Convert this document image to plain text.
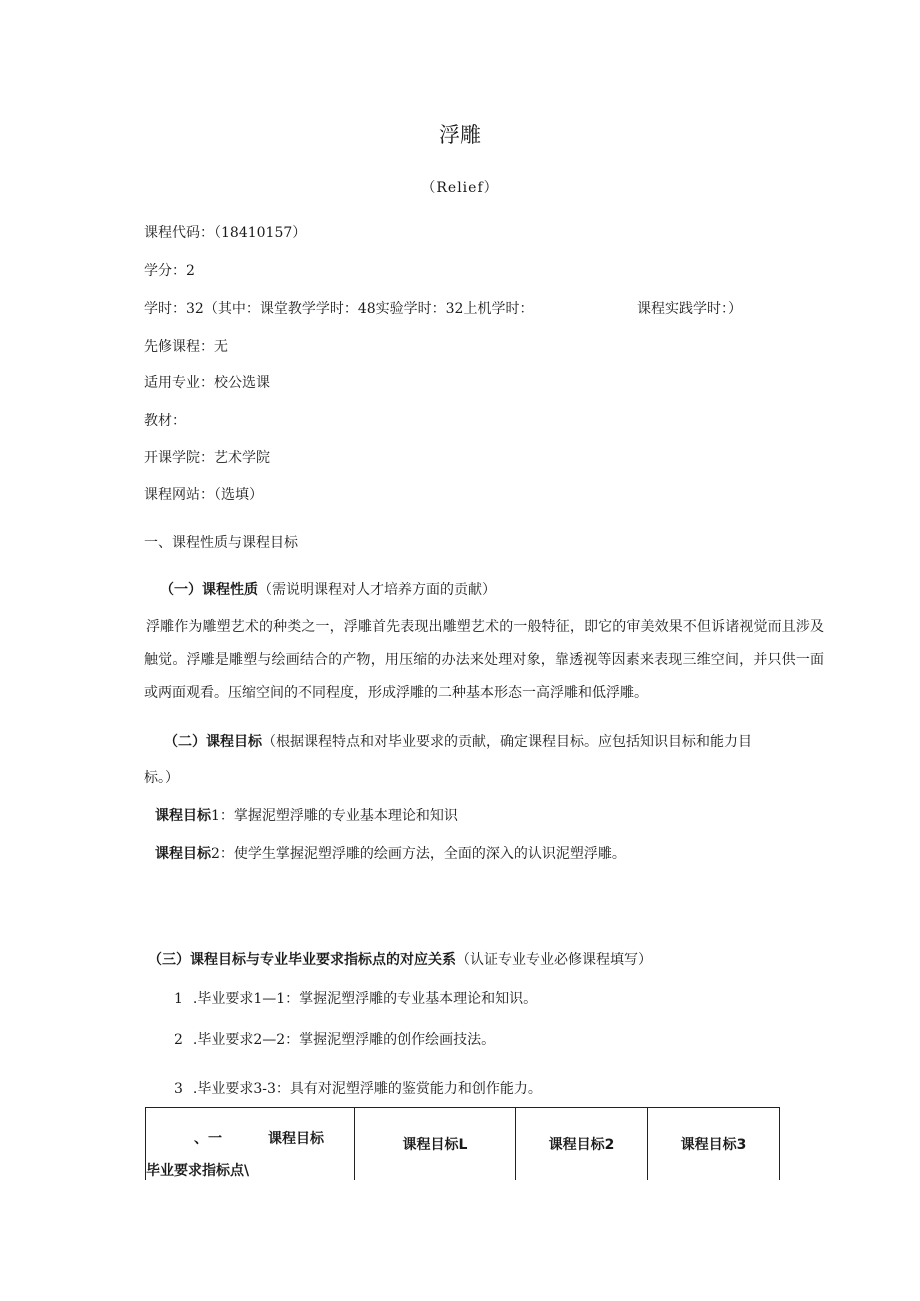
浮雕
（Relief）
课程代码：（18410157）
学分：2
学时：32（其中：课堂教学学时：48实验学时：32上机学时：	课程实践学时：）
先修课程：无
适用专业：校公选课
教材：
开课学院：艺术学院
课程网站：（选填）
一、课程性质与课程目标
（一）课程性质（需说明课程对人才培养方面的贡献）
浮雕作为雕塑艺术的种类之一，浮雕首先表现出雕塑艺术的一般特征，即它的审美效果不但诉诸视觉而且涉及触觉。浮雕是雕塑与绘画结合的产物，用压缩的办法来处理对象，靠透视等因素来表现三维空间，并只供一面或两面观看。压缩空间的不同程度，形成浮雕的二种基本形态一高浮雕和低浮雕。
（二）课程目标（根据课程特点和对毕业要求的贡献，确定课程目标。应包括知识目标和能力目
标。）
课程目标1：掌握泥塑浮雕的专业基本理论和知识
课程目标2：使学生掌握泥塑浮雕的绘画方法，全面的深入的认识泥塑浮雕。
（三）课程目标与专业毕业要求指标点的对应关系（认证专业专业必修课程填写）
1 .毕业要求1—1：掌握泥塑浮雕的专业基本理论和知识。
2 .毕业要求2—2：掌握泥塑浮雕的创作绘画技法。
3 .毕业要求3-3：具有对泥塑浮雕的鉴赏能力和创作能力。
、一	课程目标
毕业要求指标点\
	课程目标L	课程目标2	课程目标3
